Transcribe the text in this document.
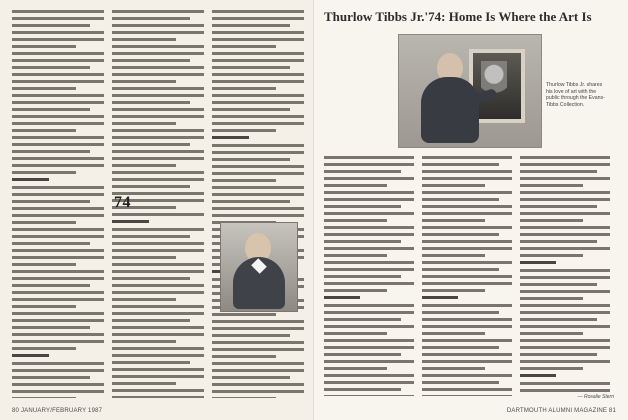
74
80 JANUARY/FEBRUARY 1987
Thurlow Tibbs Jr.'74: Home Is Where the Art Is
Thurlow Tibbs Jr. shares his love of art with the public through the Evans-Tibbs Collection.
— Rosalie Stern
DARTMOUTH ALUMNI MAGAZINE 81
